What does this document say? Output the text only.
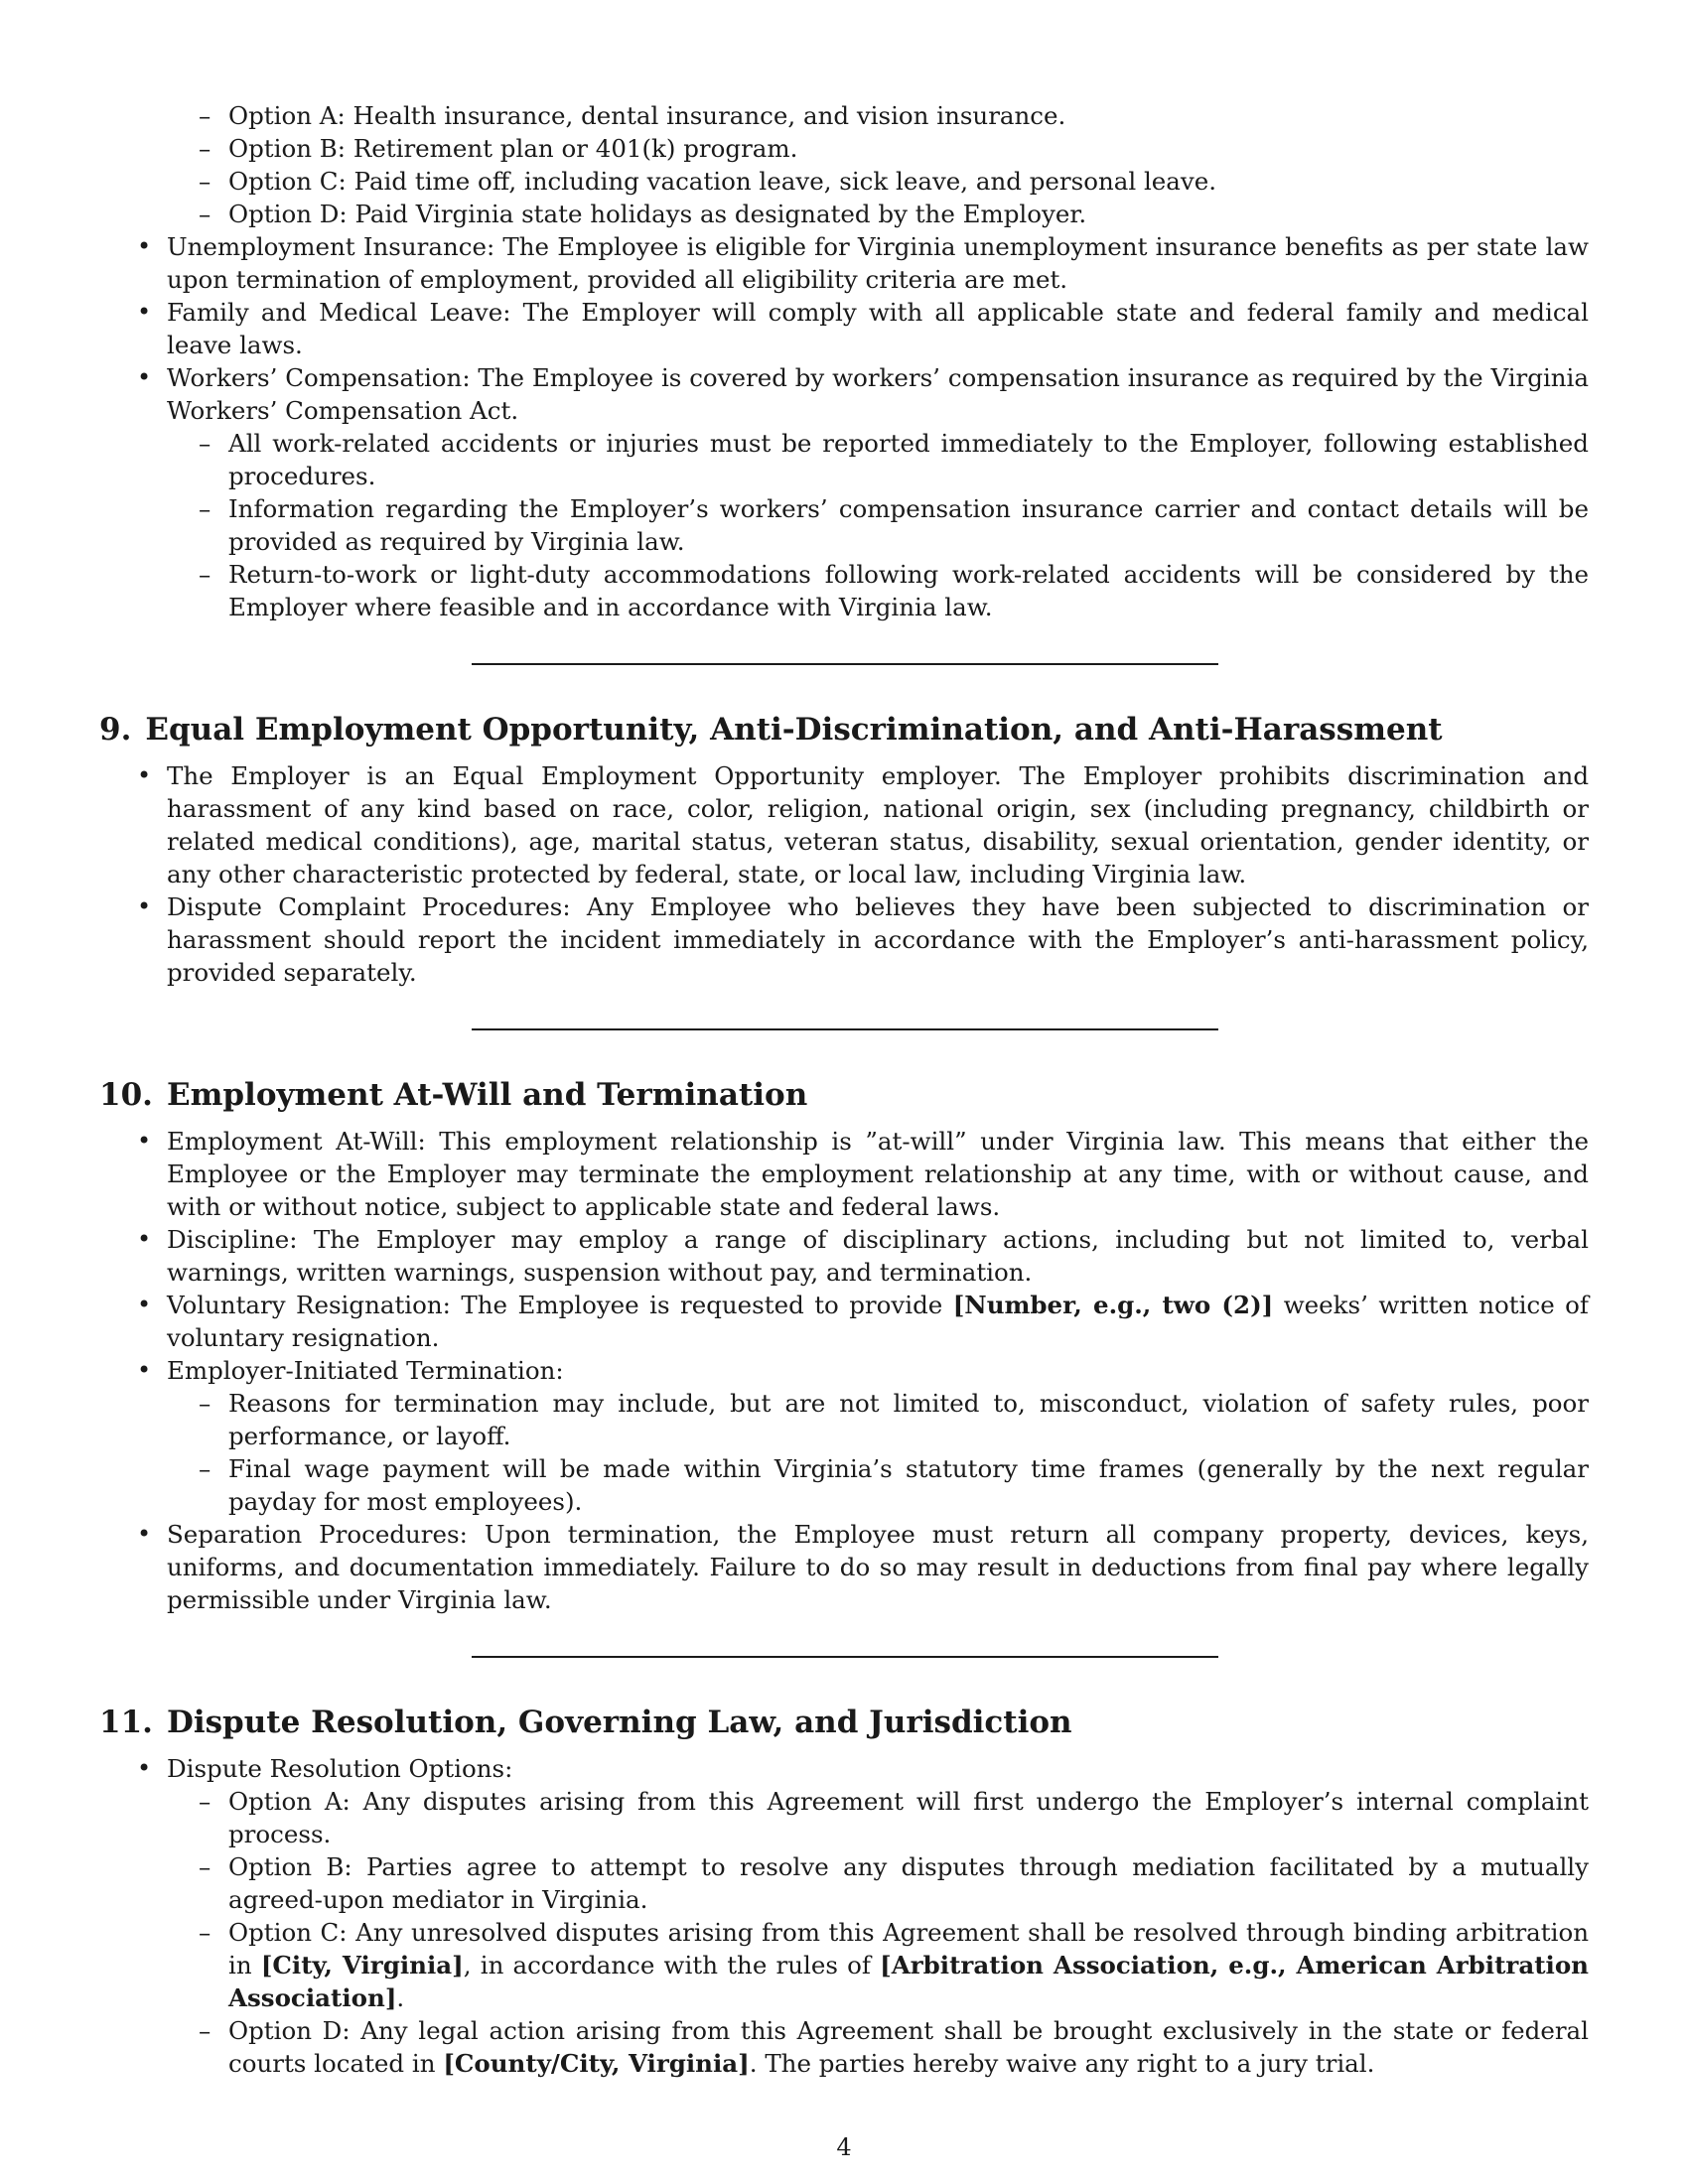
– Option A: Health insurance, dental insurance, and vision insurance.
– Option B: Retirement plan or 401(k) program.
– Option C: Paid time off, including vacation leave, sick leave, and personal leave.
– Option D: Paid Virginia state holidays as designated by the Employer.
• Unemployment Insurance: The Employee is eligible for Virginia unemployment insurance benefits as per state law upon termination of employment, provided all eligibility criteria are met.
• Family and Medical Leave: The Employer will comply with all applicable state and federal family and medical leave laws.
• Workers’ Compensation: The Employee is covered by workers’ compensation insurance as required by the Virginia Workers’ Compensation Act.
– All work-related accidents or injuries must be reported immediately to the Employer, following established procedures.
– Information regarding the Employer’s workers’ compensation insurance carrier and contact details will be provided as required by Virginia law.
– Return-to-work or light-duty accommodations following work-related accidents will be considered by the Employer where feasible and in accordance with Virginia law.
9. Equal Employment Opportunity, Anti-Discrimination, and Anti-Harassment
• The Employer is an Equal Employment Opportunity employer. The Employer prohibits discrimination and harassment of any kind based on race, color, religion, national origin, sex (including pregnancy, childbirth or related medical conditions), age, marital status, veteran status, disability, sexual orientation, gender identity, or any other characteristic protected by federal, state, or local law, including Virginia law.
• Dispute Complaint Procedures: Any Employee who believes they have been subjected to discrimination or harassment should report the incident immediately in accordance with the Employer’s anti-harassment policy, provided separately.
10. Employment At-Will and Termination
• Employment At-Will: This employment relationship is ”at-will” under Virginia law. This means that either the Employee or the Employer may terminate the employment relationship at any time, with or without cause, and with or without notice, subject to applicable state and federal laws.
• Discipline: The Employer may employ a range of disciplinary actions, including but not limited to, verbal warnings, written warnings, suspension without pay, and termination.
• Voluntary Resignation: The Employee is requested to provide [Number, e.g., two (2)] weeks’ written notice of voluntary resignation.
• Employer-Initiated Termination:
– Reasons for termination may include, but are not limited to, misconduct, violation of safety rules, poor performance, or layoff.
– Final wage payment will be made within Virginia’s statutory time frames (generally by the next regular payday for most employees).
• Separation Procedures: Upon termination, the Employee must return all company property, devices, keys, uniforms, and documentation immediately. Failure to do so may result in deductions from final pay where legally permissible under Virginia law.
11. Dispute Resolution, Governing Law, and Jurisdiction
• Dispute Resolution Options:
– Option A: Any disputes arising from this Agreement will first undergo the Employer’s internal complaint process.
– Option B: Parties agree to attempt to resolve any disputes through mediation facilitated by a mutually agreed-upon mediator in Virginia.
– Option C: Any unresolved disputes arising from this Agreement shall be resolved through binding arbitration in [City, Virginia], in accordance with the rules of [Arbitration Association, e.g., American Arbitration Association].
– Option D: Any legal action arising from this Agreement shall be brought exclusively in the state or federal courts located in [County/City, Virginia]. The parties hereby waive any right to a jury trial.
4
